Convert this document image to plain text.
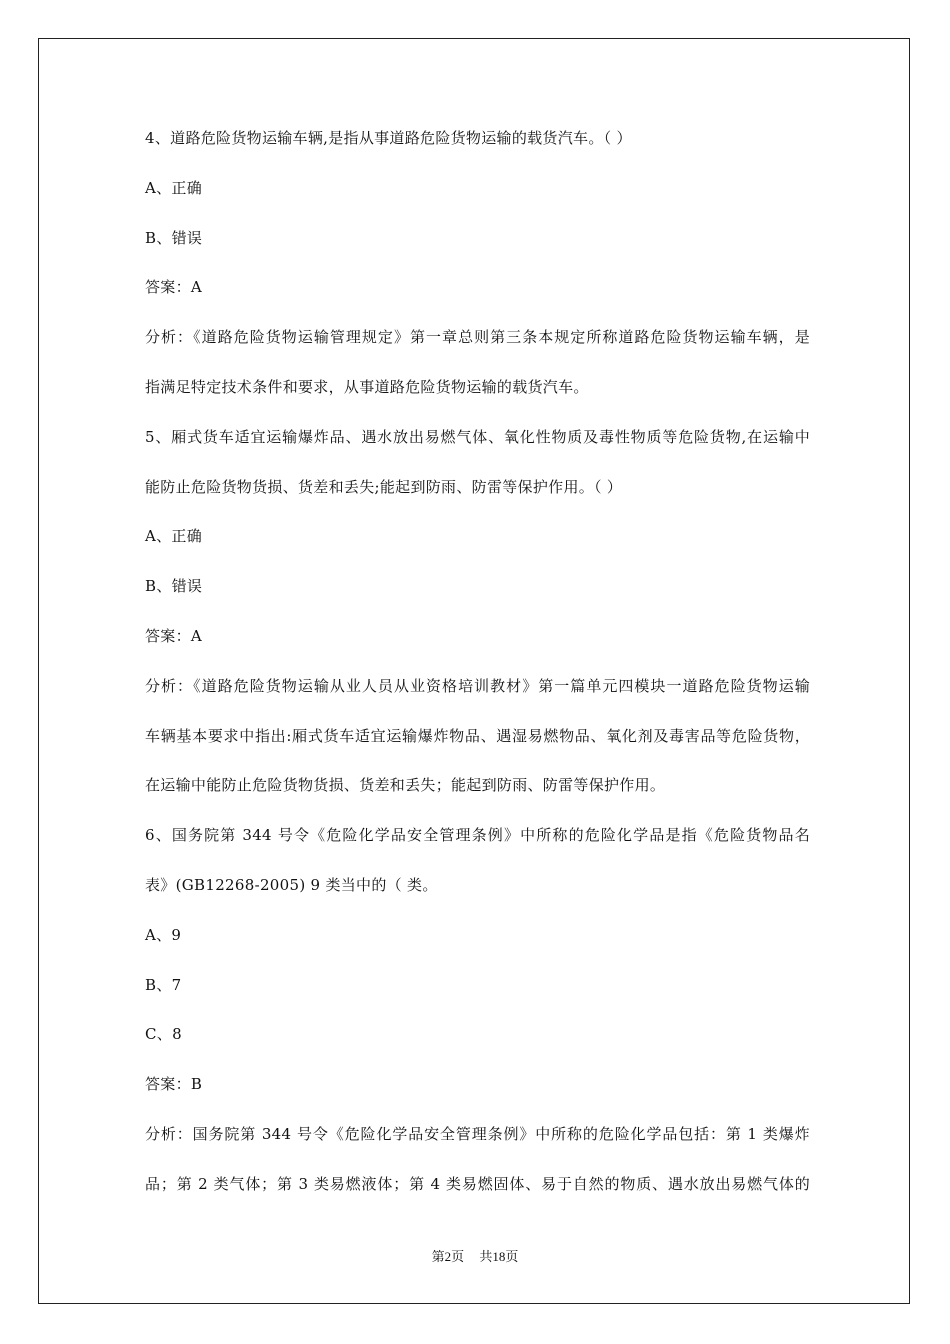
4、道路危险货物运输车辆,是指从事道路危险货物运输的载货汽车。（ ）
A、正确
B、错误
答案：A
分析：《道路危险货物运输管理规定》第一章总则第三条本规定所称道路危险货物运输车辆，是
指满足特定技术条件和要求，从事道路危险货物运输的载货汽车。
5、厢式货车适宜运输爆炸品、遇水放出易燃气体、氧化性物质及毒性物质等危险货物,在运输中
能防止危险货物货损、货差和丢失;能起到防雨、防雷等保护作用。（ ）
A、正确
B、错误
答案：A
分析：《道路危险货物运输从业人员从业资格培训教材》第一篇单元四模块一道路危险货物运输
车辆基本要求中指出:厢式货车适宜运输爆炸物品、遇湿易燃物品、氧化剂及毒害品等危险货物，
在运输中能防止危险货物货损、货差和丢失；能起到防雨、防雷等保护作用。
6、国务院第 344 号令《危险化学品安全管理条例》中所称的危险化学品是指《危险货物品名
表》(GB12268-2005) 9 类当中的（ 类。
A、9
B、7
C、8
答案：B
分析：国务院第 344 号令《危险化学品安全管理条例》中所称的危险化学品包括：第 1 类爆炸
品；第 2 类气体；第 3 类易燃液体；第 4 类易燃固体、易于自然的物质、遇水放出易燃气体的
第2页 共18页
